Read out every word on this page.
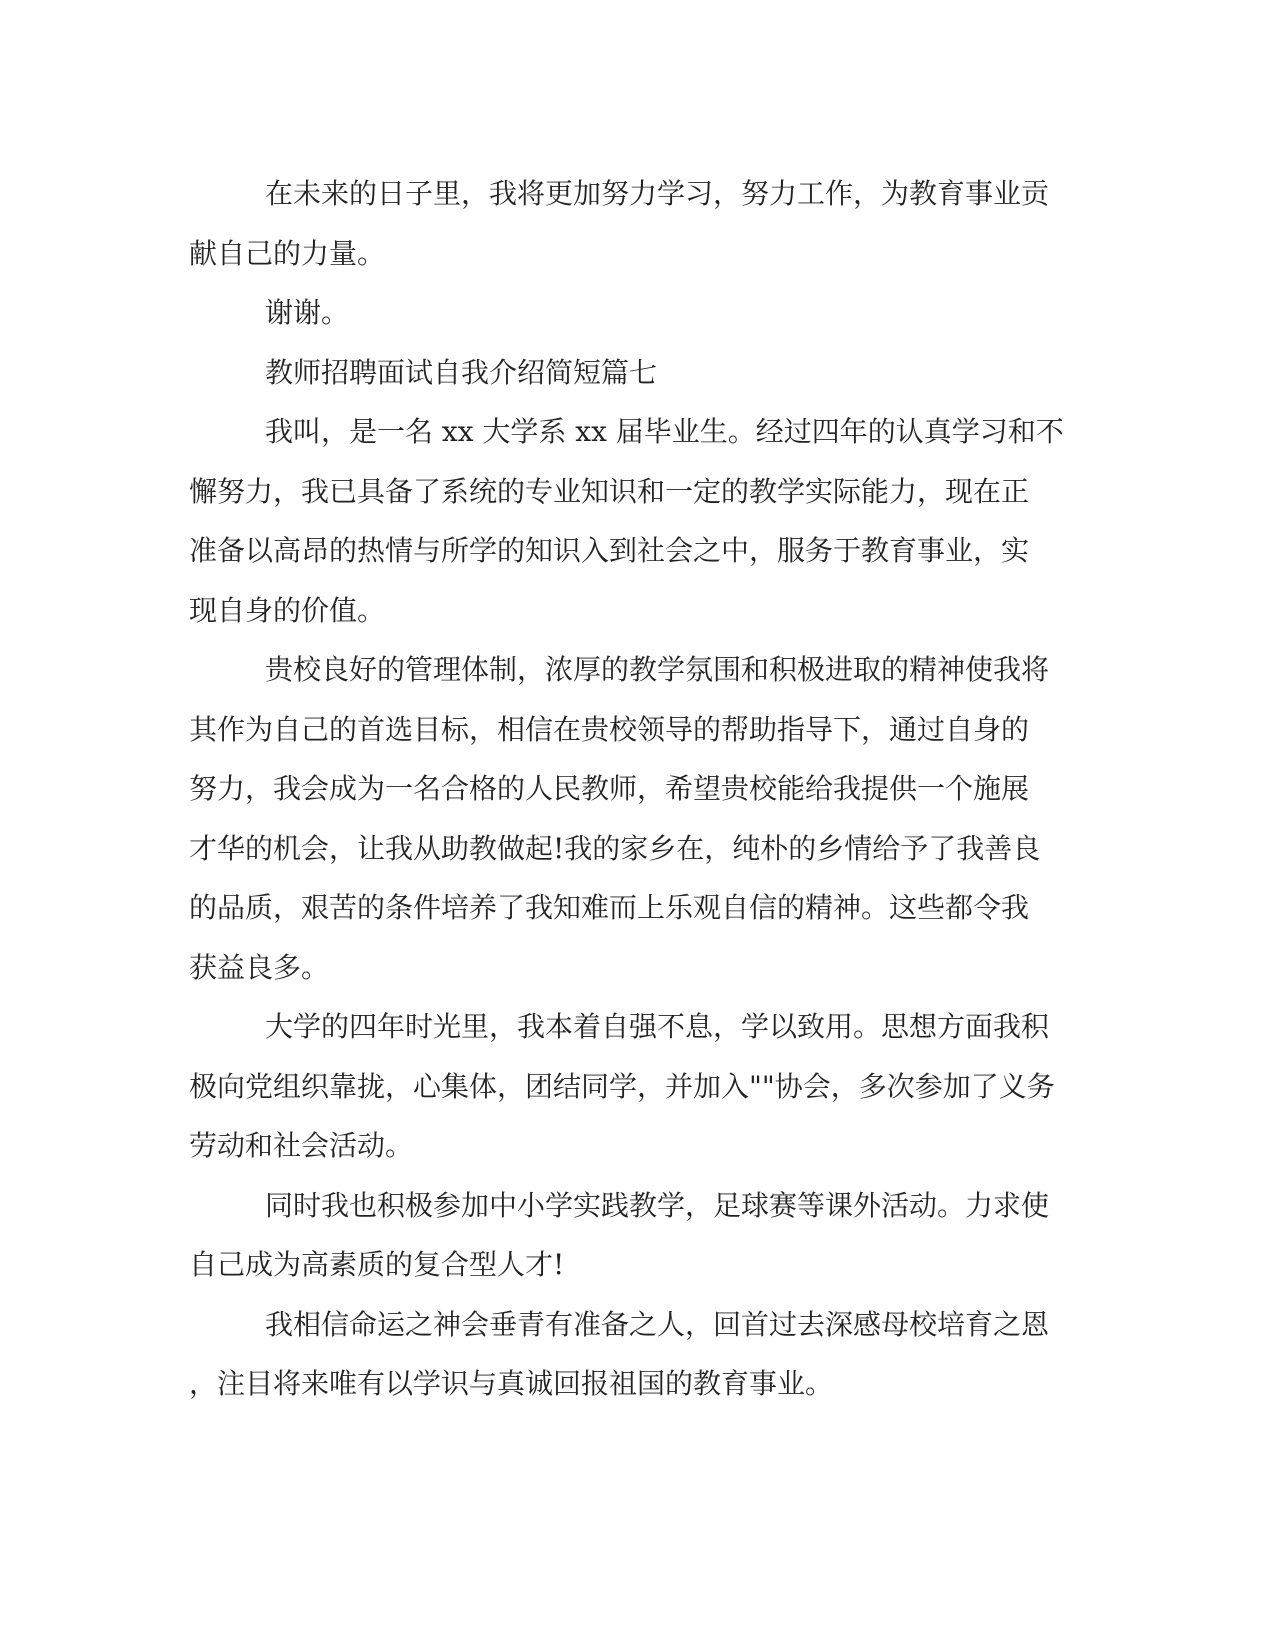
在未来的日子里，我将更加努力学习，努力工作，为教育事业贡
献自己的力量。

谢谢。

教师招聘面试自我介绍简短篇七

我叫，是一名 xx 大学系 xx 届毕业生。经过四年的认真学习和不
懈努力，我已具备了系统的专业知识和一定的教学实际能力，现在正
准备以高昂的热情与所学的知识入到社会之中，服务于教育事业，实
现自身的价值。

贵校良好的管理体制，浓厚的教学氛围和积极进取的精神使我将
其作为自己的首选目标，相信在贵校领导的帮助指导下，通过自身的
努力，我会成为一名合格的人民教师，希望贵校能给我提供一个施展
才华的机会，让我从助教做起!我的家乡在，纯朴的乡情给予了我善良
的品质，艰苦的条件培养了我知难而上乐观自信的精神。这些都令我
获益良多。

大学的四年时光里，我本着自强不息，学以致用。思想方面我积
极向党组织靠拢，心集体，团结同学，并加入""协会，多次参加了义务
劳动和社会活动。

同时我也积极参加中小学实践教学，足球赛等课外活动。力求使
自己成为高素质的复合型人才!

我相信命运之神会垂青有准备之人，回首过去深感母校培育之恩
，注目将来唯有以学识与真诚回报祖国的教育事业。
